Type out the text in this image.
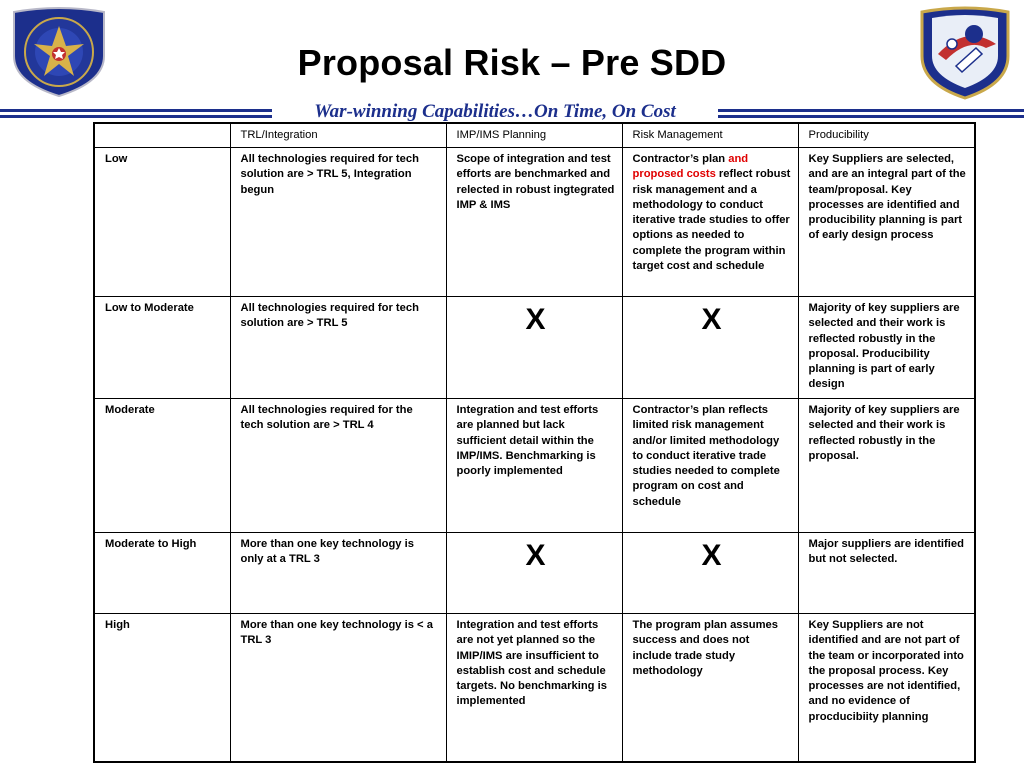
Proposal Risk – Pre SDD
War-winning Capabilities…On Time, On Cost
	TRL/Integration	IMP/IMS Planning	Risk Management	Producibility
Low	All technologies required for tech solution are > TRL 5, Integration begun	Scope of integration and test efforts are benchmarked and relected in robust ingtegrated IMP & IMS	Contractor’s plan and proposed costs reflect robust risk management and a methodology to conduct iterative trade studies to offer options as needed to complete the program within target cost and schedule	Key Suppliers are selected, and are an integral part of the team/proposal. Key processes are identified and producibility planning is part of early design process
Low to Moderate	All technologies required for tech solution are > TRL 5	X	X	Majority of key suppliers are selected and their work is reflected robustly in the proposal. Producibility planning is part of early design
Moderate	All technologies required for the tech solution are > TRL 4	Integration and test efforts are planned but lack sufficient detail within the IMP/IMS. Benchmarking is poorly implemented	Contractor’s plan reflects limited risk management and/or limited methodology to conduct iterative trade studies needed to complete program on cost and schedule	Majority of key suppliers are selected and their work is reflected robustly in the proposal.
Moderate to High	More than one key technology is only at a TRL 3	X	X	Major suppliers are identified but not selected.
High	More than one key technology is < a TRL 3	Integration and test efforts are not yet planned so the IMIP/IMS are insufficient to establish cost and schedule targets. No benchmarking is implemented	The program plan assumes success and does not include trade study methodology	Key Suppliers are not identified and are not part of the team or incorporated into the proposal process. Key processes are not identified, and no evidence of procducibiity planning
